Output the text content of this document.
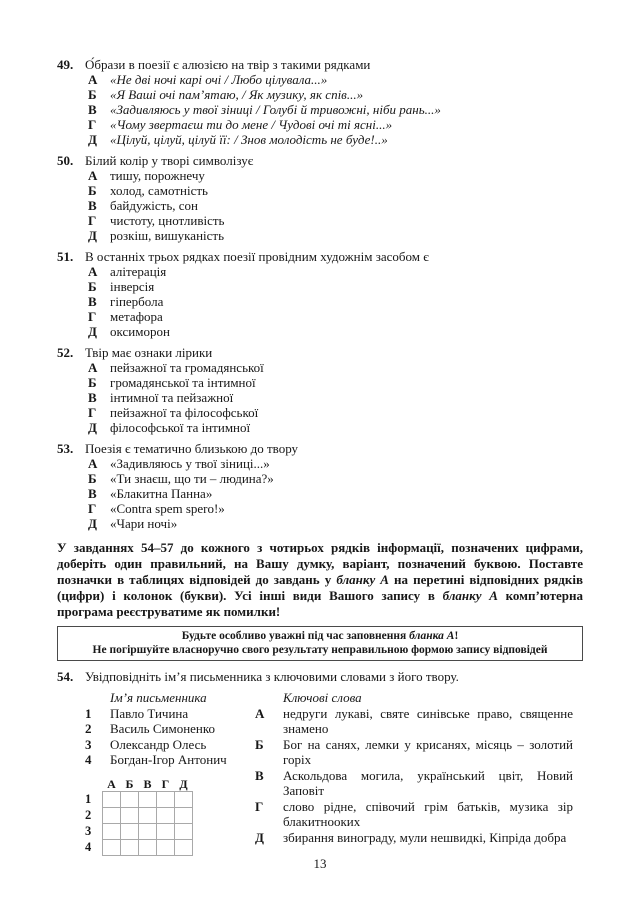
49. О́брази в поезії є алюзією на твір з такими рядками
А «Не дві ночі карі очі / Любо цілувала...»
Б	«Я Ваші очі пам’ятаю, / Як музику, як спів...»
В	«Задивляюсь у твої зіниці / Голубі й тривожні, ніби рань...»
Г	«Чому звертаєш ти до мене / Чудові очі ті ясні...»
Д	«Цілуй, цілуй, цілуй її: / Знов молодість не буде!..»
50. Білий колір у творі символізує
А тишу, порожнечу
Б	холод, самотність
В	байдужість, сон
Г	чистоту, цнотливість
Д	розкіш, вишуканість
51. В останніх трьох рядках поезії провідним художнім засобом є
А алітерація
Б	інверсія
В	гіпербола
Г	метафора
Д	оксиморон
52. Твір має ознаки лірики
А пейзажної та громадянської
Б	громадянської та інтимної
В	інтимної та пейзажної
Г	пейзажної та філософської
Д	філософської та інтимної
53. Поезія є тематично близькою до твору
А «Задивляюсь у твої зіниці...»
Б	«Ти знаєш, що ти – людина?»
В	«Блакитна Панна»
Г	«Contra spem spero!»
Д	«Чари ночі»

У завданнях 54–57 до кожного з чотирьох рядків інформації, позначених цифрами, доберіть один правильний, на Вашу думку, варіант, позначений буквою. Поставте позначки в таблицях відповідей до завдань у бланку А на перетині відповідних рядків (цифри) і колонок (букви). Усі інші види Вашого запису в бланку А комп’ютерна програма реєструватиме як помилки!

Будьте особливо уважні під час заповнення бланка А!
Не погіршуйте власноручно свого результату неправильною формою запису відповідей
54. Увідповідніть ім’я письменника з ключовими словами з його твору.
Ім’я письменника
1	Павло Тичина
2	Василь Симоненко
3	Олександр Олесь
4	Богдан-Ігор Антонич
	А	Б	В	Г	Д
1					
2					
3					
4					
Ключові слова
А	недруги лукаві, святе синівське право, священне знамено
Б	Бог на санях, лемки у крисанях, місяць – золотий горіх
В	Аскольдова могила, український цвіт, Новий Заповіт
Г	слово рідне, співочий грім батьків, музика зір блакитнооких
Д	збирання винограду, мули нешвидкі, Кіпріда добра
13
